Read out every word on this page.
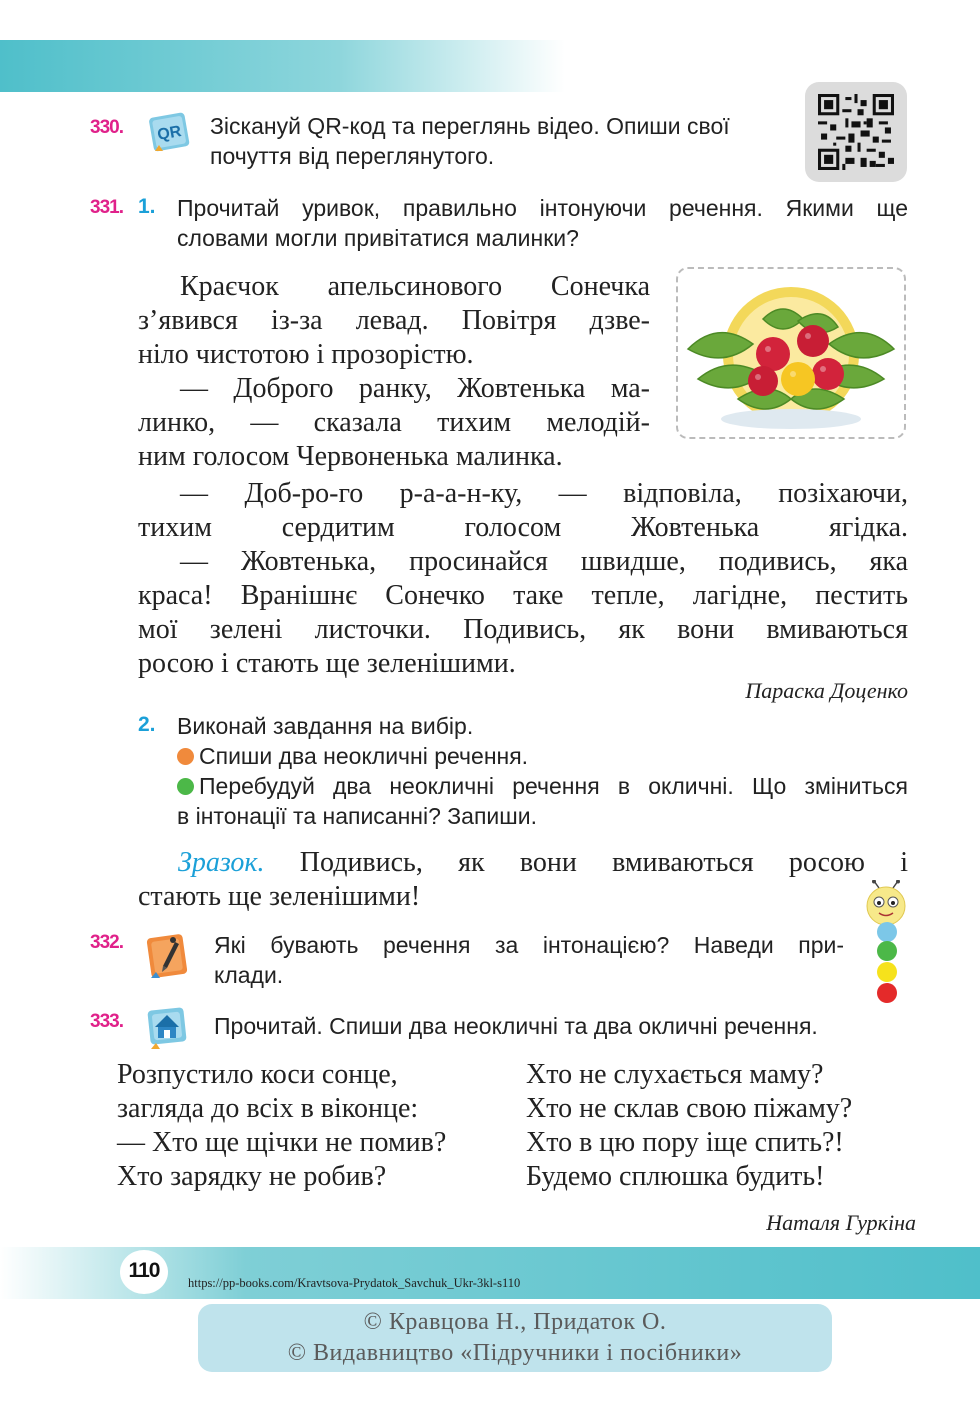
330. QR Зіскануй QR-код та переглянь відео. Опиши свої
почуття від переглянутого.
331. 1. Прочитай уривок, правильно інтонуючи речення. Якими ще
словами могли привітатися малинки?
Краєчок апельсинового Сонечка
з’явився із-за левад. Повітря дзве-
ніло чистотою і прозорістю.
— Доброго ранку, Жовтенька ма-
линко, — сказала тихим мелодій-
ним голосом Червоненька малинка.
— Доб-ро-го р-а-а-н-ку, — відповіла, позіхаючи,
тихим сердитим голосом Жовтенька ягідка.
— Жовтенька, просинайся швидше, подивись, яка
краса! Вранішнє Сонечко таке тепле, лагідне, пестить
мої зелені листочки. Подивись, як вони вмиваються
росою і стають ще зеленішими.
Параска Доценко
2. Виконай завдання на вибір.
Спиши два неокличні речення.
Перебудуй два неокличні речення в окличні. Що зміниться
в інтонації та написанні? Запиши.
Зразок. Подивись, як вони вмиваються росою і
стають ще зеленішими!
332.	Які бувають речення за інтонацією? Наведи при-
клади.
333.	Прочитай. Спиши два неокличні та два окличні речення.
Розпустило коси сонце,
загляда до всіх в віконце:
— Хто ще щічки не помив?
Хто зарядку не робив?
Хто не слухається маму?
Хто не склав свою піжаму?
Хто в цю пору іще спить?!
Будемо сплюшка будить!
Наталя Гуркіна
110
https://pp-books.com/Kravtsova-Prydatok_Savchuk_Ukr-3kl-s110
© Кравцова Н., Придаток О.
© Видавництво «Підручники і посібники»
